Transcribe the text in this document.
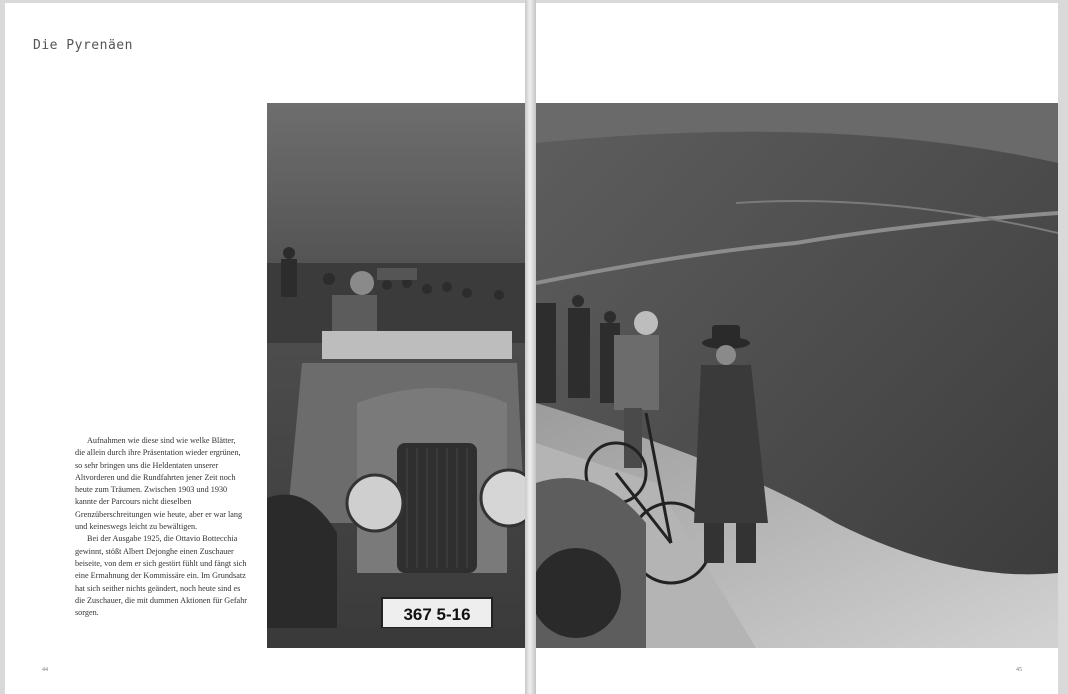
Die Pyrenäen

Aufnahmen wie diese sind wie welke Blätter, die allein durch ihre Präsentation wieder ergrünen, so sehr bringen uns die Heldentaten unserer Altvorderen und die Rundfahrten jener Zeit noch heute zum Träumen. Zwischen 1903 und 1930 kannte der Parcours nicht dieselben Grenzüberschreitungen wie heute, aber er war lang und keineswegs leicht zu bewältigen.

Bei der Ausgabe 1925, die Ottavio Bottecchia gewinnt, stößt Albert Dejonghe einen Zuschauer beiseite, von dem er sich gestört fühlt und fängt sich eine Ermahnung der Kommissäre ein. Im Grundsatz hat sich seither nichts geändert, noch heute sind es die Zuschauer, die mit dummen Aktionen für Gefahr sorgen.	367 5-16
44	45
